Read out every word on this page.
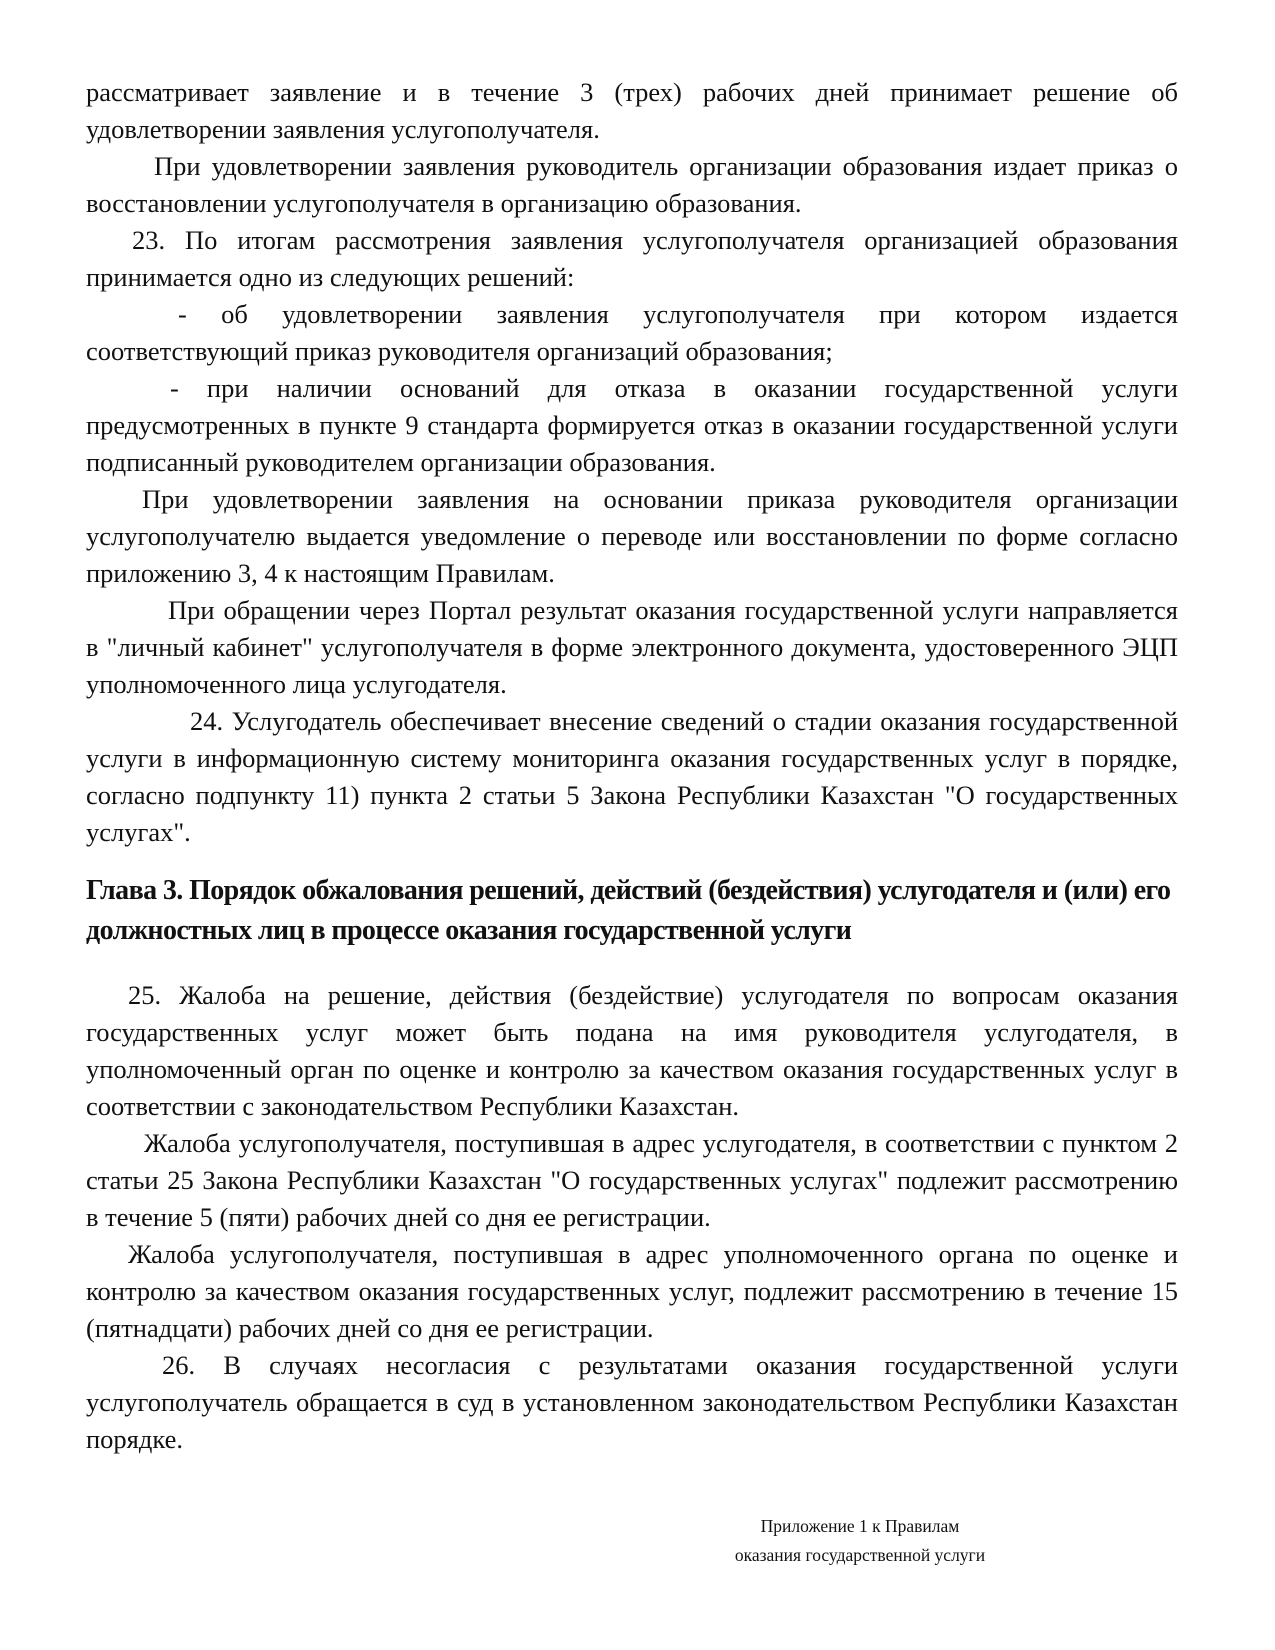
рассматривает заявление и в течение 3 (трех) рабочих дней принимает решение об удовлетворении заявления услугополучателя.

При удовлетворении заявления руководитель организации образования издает приказ о восстановлении услугополучателя в организацию образования.

23. По итогам рассмотрения заявления услугополучателя организацией образования принимается одно из следующих решений:

- об удовлетворении заявления услугополучателя при котором издается соответствующий приказ руководителя организаций образования;

- при наличии оснований для отказа в оказании государственной услуги предусмотренных в пункте 9 стандарта формируется отказ в оказании государственной услуги подписанный руководителем организации образования.

При удовлетворении заявления на основании приказа руководителя организации услугополучателю выдается уведомление о переводе или восстановлении по форме согласно приложению 3, 4 к настоящим Правилам.

При обращении через Портал результат оказания государственной услуги направляется в "личный кабинет" услугополучателя в форме электронного документа, удостоверенного ЭЦП уполномоченного лица услугодателя.

24. Услугодатель обеспечивает внесение сведений о стадии оказания государственной услуги в информационную систему мониторинга оказания государственных услуг в порядке, согласно подпункту 11) пункта 2 статьи 5 Закона Республики Казахстан "О государственных услугах".

Глава 3. Порядок обжалования решений, действий (бездействия) услугодателя и (или) его должностных лиц в процессе оказания государственной услуги

25. Жалоба на решение, действия (бездействие) услугодателя по вопросам оказания государственных услуг может быть подана на имя руководителя услугодателя, в уполномоченный орган по оценке и контролю за качеством оказания государственных услуг в соответствии с законодательством Республики Казахстан.

Жалоба услугополучателя, поступившая в адрес услугодателя, в соответствии с пунктом 2 статьи 25 Закона Республики Казахстан "О государственных услугах" подлежит рассмотрению в течение 5 (пяти) рабочих дней со дня ее регистрации.

Жалоба услугополучателя, поступившая в адрес уполномоченного органа по оценке и контролю за качеством оказания государственных услуг, подлежит рассмотрению в течение 15 (пятнадцати) рабочих дней со дня ее регистрации.

26. В случаях несогласия с результатами оказания государственной услуги услугополучатель обращается в суд в установленном законодательством Республики Казахстан порядке.

Приложение 1 к Правилам
оказания государственной услуги
